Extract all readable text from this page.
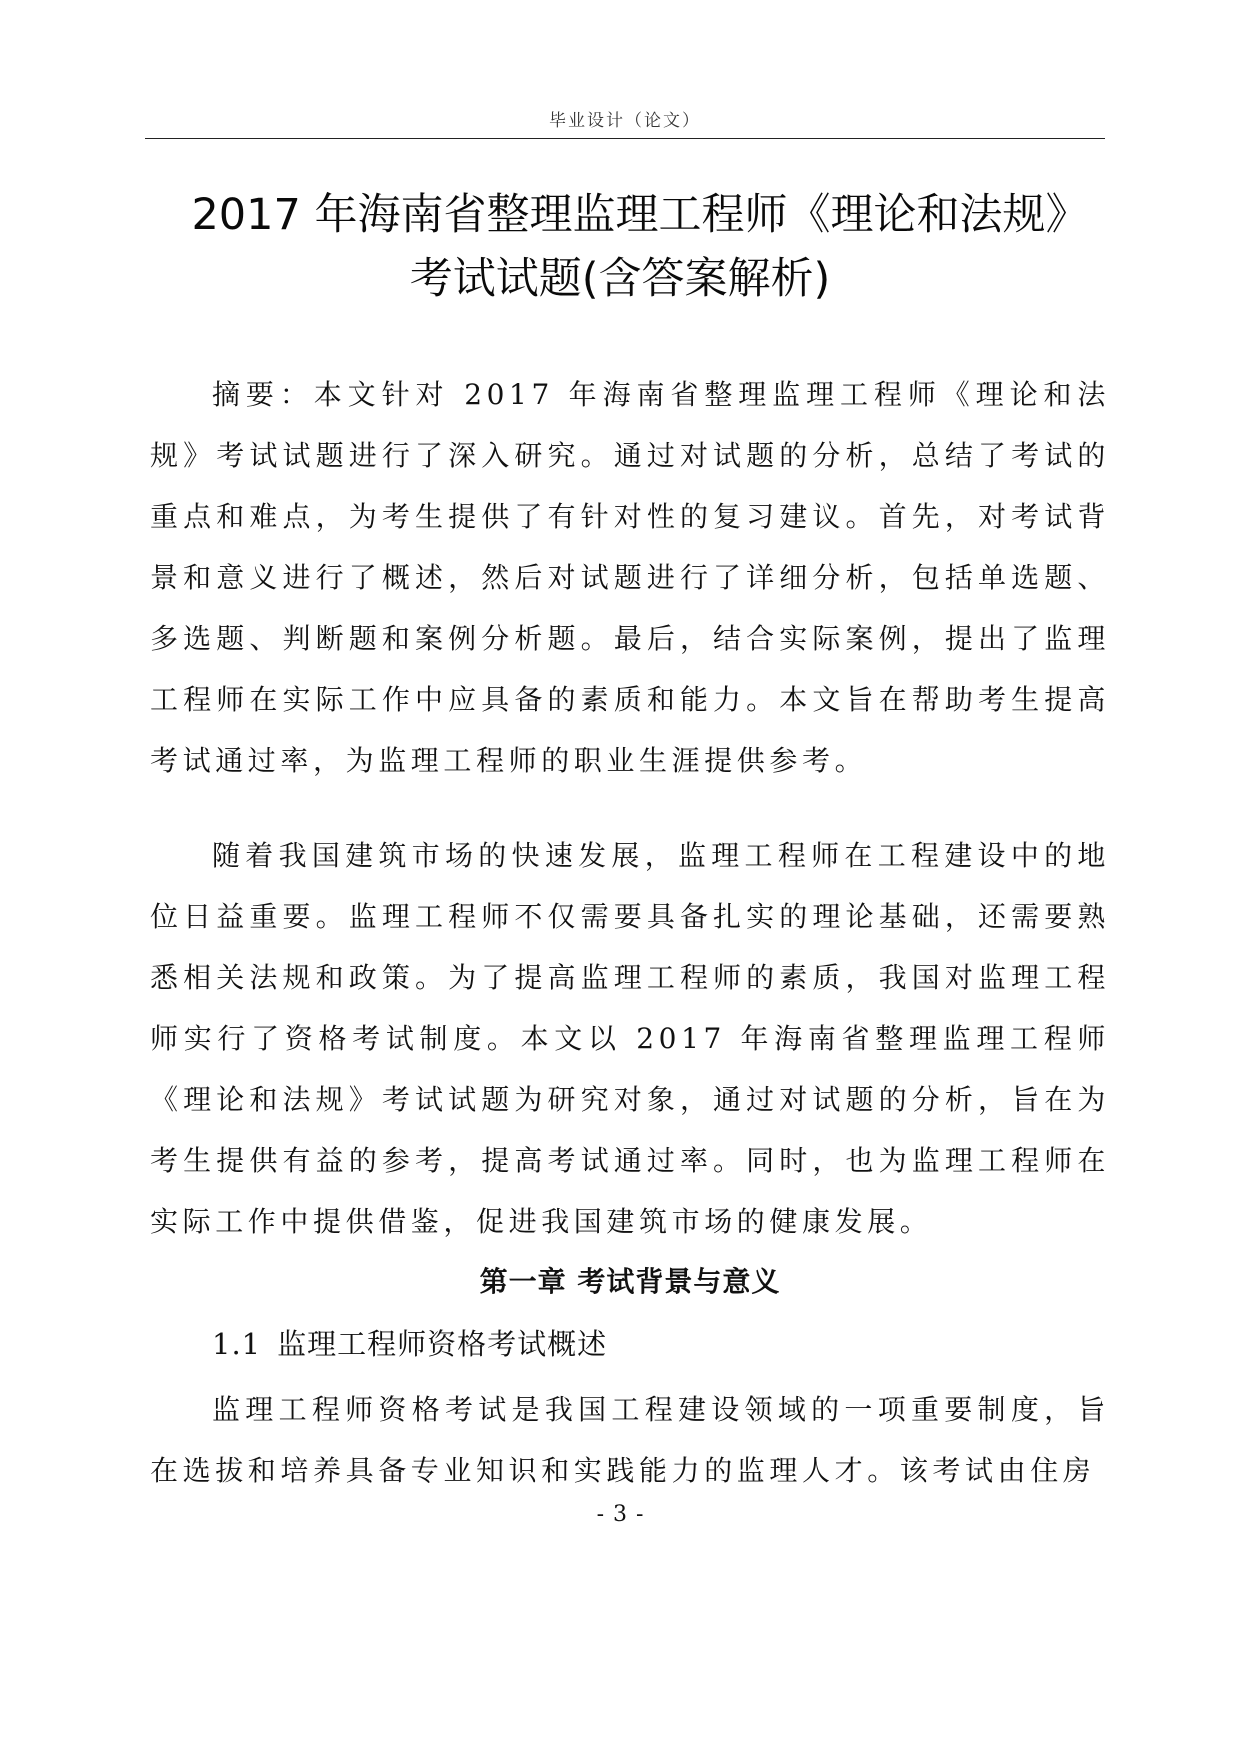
毕业设计（论文）
2017 年海南省整理监理工程师《理论和法规》
考试试题(含答案解析)

摘要：本文针对 2017 年海南省整理监理工程师《理论和法规》考试试题进行了深入研究。通过对试题的分析，总结了考试的重点和难点，为考生提供了有针对性的复习建议。首先，对考试背景和意义进行了概述，然后对试题进行了详细分析，包括单选题、多选题、判断题和案例分析题。最后，结合实际案例，提出了监理工程师在实际工作中应具备的素质和能力。本文旨在帮助考生提高考试通过率，为监理工程师的职业生涯提供参考。

随着我国建筑市场的快速发展，监理工程师在工程建设中的地位日益重要。监理工程师不仅需要具备扎实的理论基础，还需要熟悉相关法规和政策。为了提高监理工程师的素质，我国对监理工程师实行了资格考试制度。本文以 2017 年海南省整理监理工程师《理论和法规》考试试题为研究对象，通过对试题的分析，旨在为考生提供有益的参考，提高考试通过率。同时，也为监理工程师在实际工作中提供借鉴，促进我国建筑市场的健康发展。

第一章 考试背景与意义
1.1 监理工程师资格考试概述

监理工程师资格考试是我国工程建设领域的一项重要制度，旨在选拔和培养具备专业知识和实践能力的监理人才。该考试由住房

- 3 -
